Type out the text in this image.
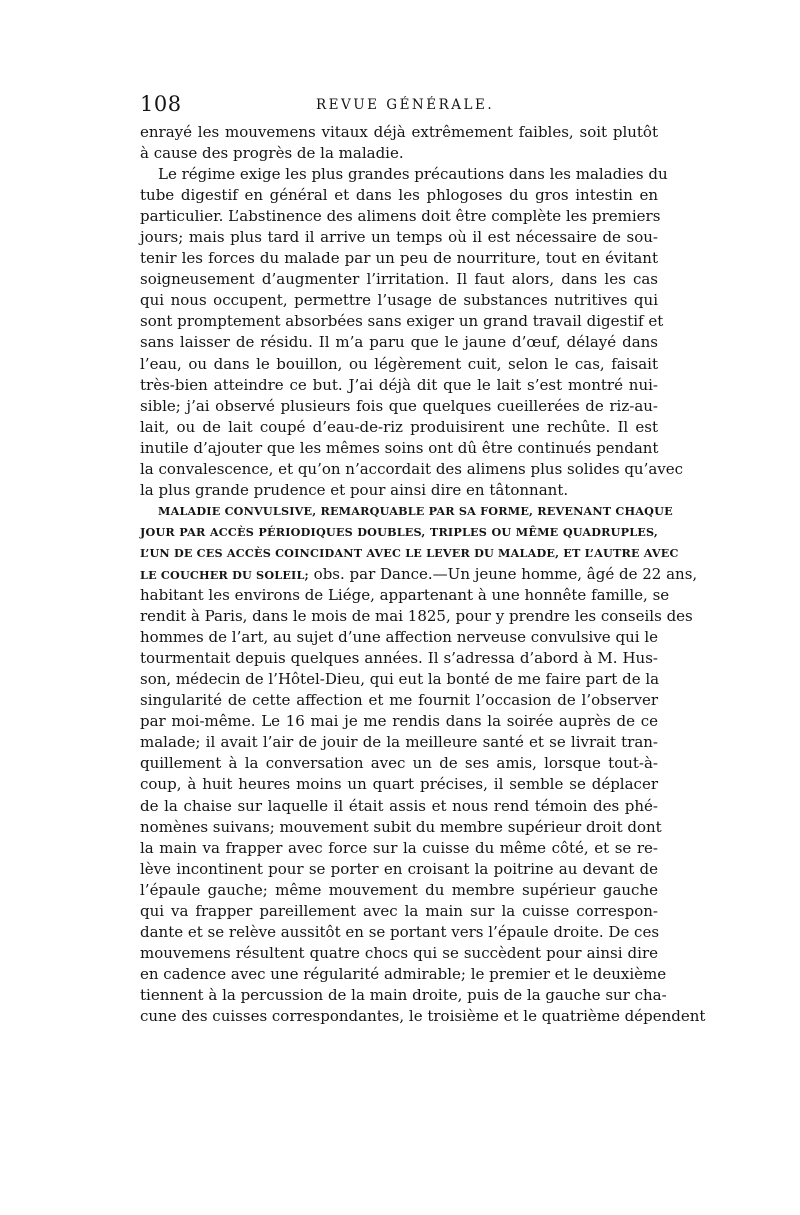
108	REVUE GÉNÉRALE.
enrayé les mouvemens vitaux déjà extrêmement faibles, soit plutôt
à cause des progrès de la maladie.
Le régime exige les plus grandes précautions dans les maladies du
tube digestif en général et dans les phlogoses du gros intestin en
particulier. L’abstinence des alimens doit être complète les premiers
jours; mais plus tard il arrive un temps où il est nécessaire de sou-
tenir les forces du malade par un peu de nourriture, tout en évitant
soigneusement d’augmenter l’irritation. Il faut alors, dans les cas
qui nous occupent, permettre l’usage de substances nutritives qui
sont promptement absorbées sans exiger un grand travail digestif et
sans laisser de résidu. Il m’a paru que le jaune d’œuf, délayé dans
l’eau, ou dans le bouillon, ou légèrement cuit, selon le cas, faisait
très-bien atteindre ce but. J’ai déjà dit que le lait s’est montré nui-
sible; j’ai observé plusieurs fois que quelques cueillerées de riz-au-
lait, ou de lait coupé d’eau-de-riz produisirent une rechûte. Il est
inutile d’ajouter que les mêmes soins ont dû être continués pendant
la convalescence, et qu’on n’accordait des alimens plus solides qu’avec
la plus grande prudence et pour ainsi dire en tâtonnant.
MALADIE CONVULSIVE, REMARQUABLE PAR SA FORME, REVENANT CHAQUE
JOUR PAR ACCÈS PÉRIODIQUES DOUBLES, TRIPLES OU MÊME QUADRUPLES,
L’UN DE CES ACCÈS COINCIDANT AVEC LE LEVER DU MALADE, ET L’AUTRE AVEC
LE COUCHER DU SOLEIL; obs. par Dance.—Un jeune homme, âgé de 22 ans,
habitant les environs de Liége, appartenant à une honnête famille, se
rendit à Paris, dans le mois de mai 1825, pour y prendre les conseils des
hommes de l’art, au sujet d’une affection nerveuse convulsive qui le
tourmentait depuis quelques années. Il s’adressa d’abord à M. Hus-
son, médecin de l’Hôtel-Dieu, qui eut la bonté de me faire part de la
singularité de cette affection et me fournit l’occasion de l’observer
par moi-même. Le 16 mai je me rendis dans la soirée auprès de ce
malade; il avait l’air de jouir de la meilleure santé et se livrait tran-
quillement à la conversation avec un de ses amis, lorsque tout-à-
coup, à huit heures moins un quart précises, il semble se déplacer
de la chaise sur laquelle il était assis et nous rend témoin des phé-
nomènes suivans; mouvement subit du membre supérieur droit dont
la main va frapper avec force sur la cuisse du même côté, et se re-
lève incontinent pour se porter en croisant la poitrine au devant de
l’épaule gauche; même mouvement du membre supérieur gauche
qui va frapper pareillement avec la main sur la cuisse correspon-
dante et se relève aussitôt en se portant vers l’épaule droite. De ces
mouvemens résultent quatre chocs qui se succèdent pour ainsi dire
en cadence avec une régularité admirable; le premier et le deuxième
tiennent à la percussion de la main droite, puis de la gauche sur cha-
cune des cuisses correspondantes, le troisième et le quatrième dépendent
